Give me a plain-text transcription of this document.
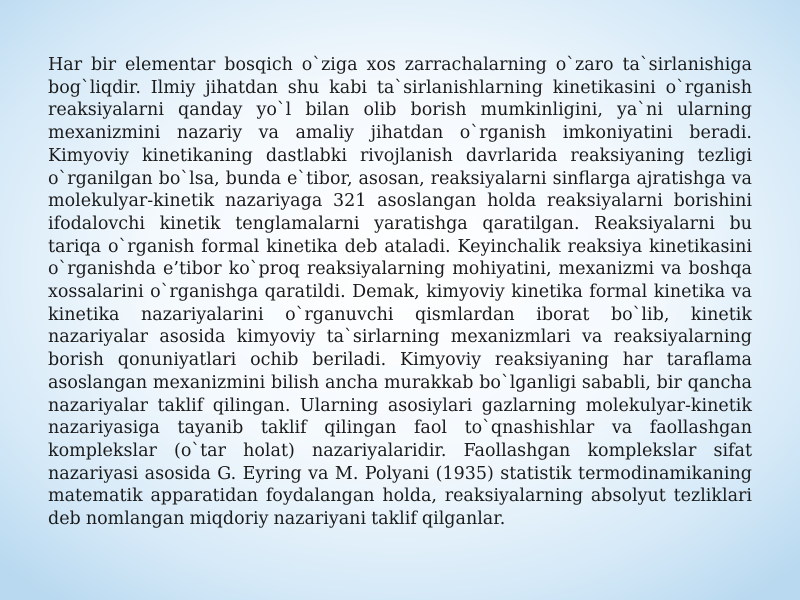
Har bir elementar bosqich o`ziga xos zarrachalarning o`zaro ta`sirlanishiga bog`liqdir. Ilmiy jihatdan shu kabi ta`sirlanishlarning kinetikasini o`rganish reaksiyalarni qanday yo`l bilan olib borish mumkinligini, ya`ni ularning mexanizmini nazariy va amaliy jihatdan o`rganish imkoniyatini beradi. Kimyoviy kinetikaning dastlabki rivojlanish davrlarida reaksiyaning tezligi o`rganilgan bo`lsa, bunda e`tibor, asosan, reaksiyalarni sinflarga ajratishga va molekulyar-kinetik nazariyaga 321 asoslangan holda reaksiyalarni borishini ifodalovchi kinetik tenglamalarni yaratishga qaratilgan. Reaksiyalarni bu tariqa o`rganish formal kinetika deb ataladi. Keyinchalik reaksiya kinetikasini o`rganishda e’tibor ko`proq reaksiyalarning mohiyatini, mexanizmi va boshqa xossalarini o`rganishga qaratildi. Demak, kimyoviy kinetika formal kinetika va kinetika nazariyalarini o`rganuvchi qismlardan iborat bo`lib, kinetik nazariyalar asosida kimyoviy ta`sirlarning mexanizmlari va reaksiyalarning borish qonuniyatlari ochib beriladi. Kimyoviy reaksiyaning har taraflama asoslangan mexanizmini bilish ancha murakkab bo`lganligi sababli, bir qancha nazariyalar taklif qilingan. Ularning asosiylari gazlarning molekulyar-kinetik nazariyasiga tayanib taklif qilingan faol to`qnashishlar va faollashgan komplekslar (o`tar holat) nazariyalaridir. Faollashgan komplekslar sifat nazariyasi asosida G. Eyring va M. Polyani (1935) statistik termodinamikaning matematik apparatidan foydalangan holda, reaksiyalarning absolyut tezliklari deb nomlangan miqdoriy nazariyani taklif qilganlar.
